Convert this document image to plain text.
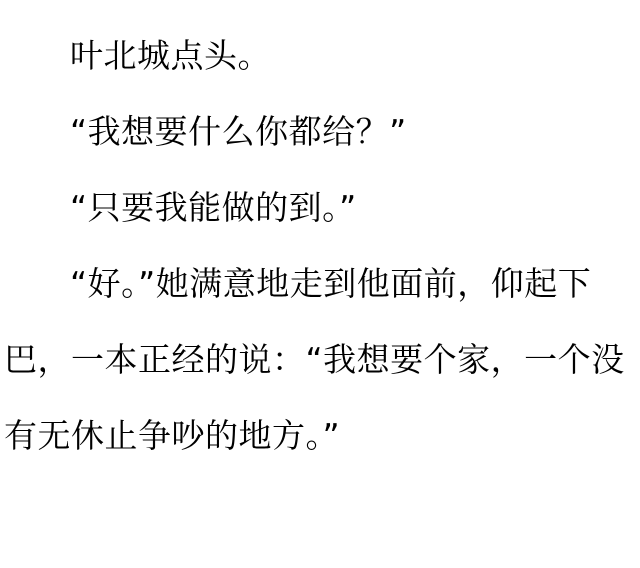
叶北城点头。

“我想要什么你都给？”

“只要我能做的到。”

“好。”她满意地走到他面前，仰起下巴，一本正经的说：“我想要个家，一个没有无休止争吵的地方。”
